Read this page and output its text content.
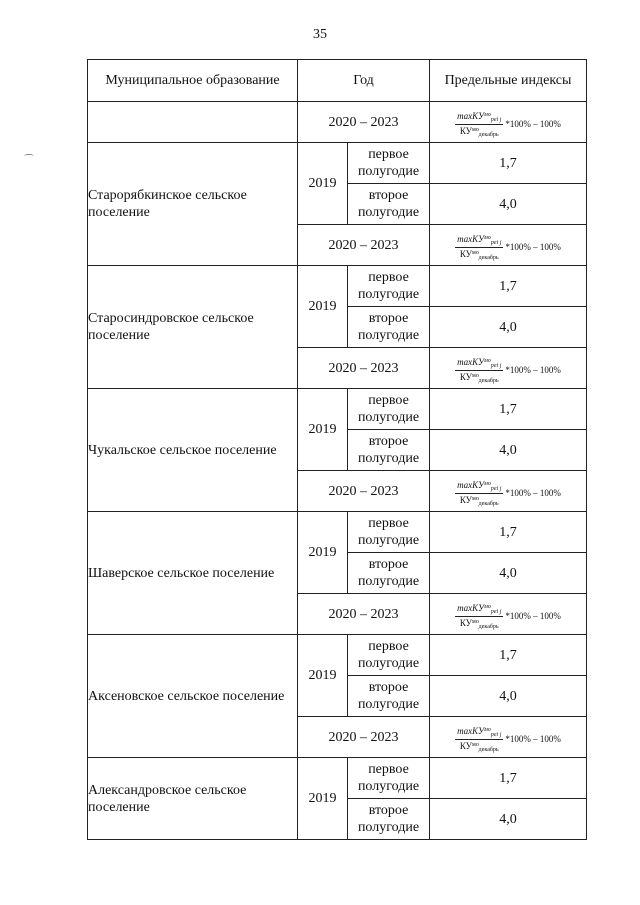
35
⌒
Муниципальное образование	Год		Предельные индексы
	2020 – 2023		$\frac{\max КУ^{мо}_{pei j}}{КУ^{мо}_{декабрь}} *100\% - 100\%$

Старорябкинское сельское поселение	2019	первое полугодие	1,7
		второе полугодие	4,0
	2020 – 2023		$\frac{\max КУ^{мо}_{pei j}}{КУ^{мо}_{декабрь}} *100\% - 100\%$

Старосиндровское сельское поселение	2019	первое полугодие	1,7
		второе полугодие	4,0
	2020 – 2023		$\frac{\max КУ^{мо}_{pei j}}{КУ^{мо}_{декабрь}} *100\% - 100\%$

Чукальское сельское поселение	2019	первое полугодие	1,7
		второе полугодие	4,0
	2020 – 2023		$\frac{\max КУ^{мо}_{pei j}}{КУ^{мо}_{декабрь}} *100\% - 100\%$

Шаверское сельское поселение	2019	первое полугодие	1,7
		второе полугодие	4,0
	2020 – 2023		$\frac{\max КУ^{мо}_{pei j}}{КУ^{мо}_{декабрь}} *100\% - 100\%$

Аксеновское сельское поселение	2019	первое полугодие	1,7
		второе полугодие	4,0
	2020 – 2023		$\frac{\max КУ^{мо}_{pei j}}{КУ^{мо}_{декабрь}} *100\% - 100\%$

Александровское сельское поселение	2019	первое полугодие	1,7
		второе полугодие	4,0
